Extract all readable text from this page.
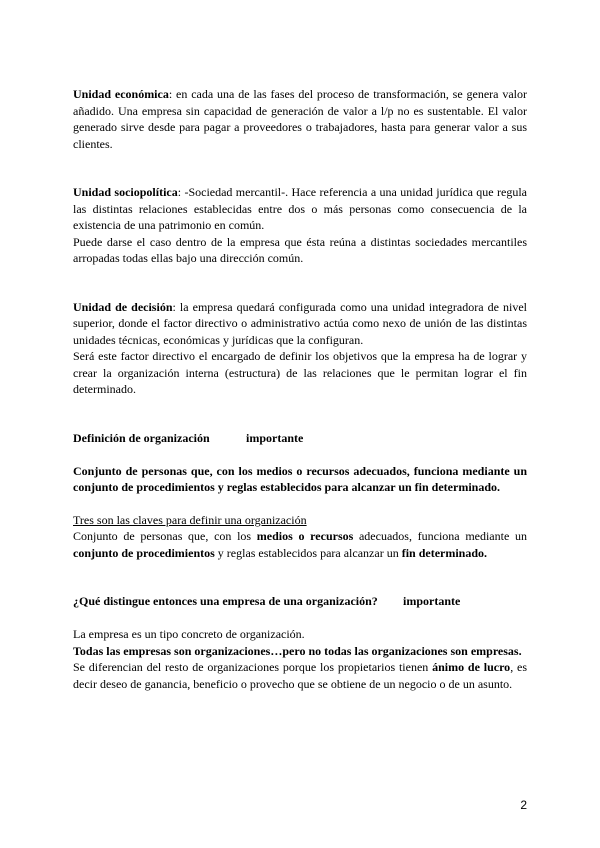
Unidad económica: en cada una de las fases del proceso de transformación, se genera valor añadido. Una empresa sin capacidad de generación de valor a l/p no es sustentable. El valor generado sirve desde para pagar a proveedores o trabajadores, hasta para generar valor a sus clientes.

Unidad sociopolítica: -Sociedad mercantil-. Hace referencia a una unidad jurídica que regula las distintas relaciones establecidas entre dos o más personas como consecuencia de la existencia de una patrimonio en común.

Puede darse el caso dentro de la empresa que ésta reúna a distintas sociedades mercantiles arropadas todas ellas bajo una dirección común.

Unidad de decisión: la empresa quedará configurada como una unidad integradora de nivel superior, donde el factor directivo o administrativo actúa como nexo de unión de las distintas unidades técnicas, económicas y jurídicas que la configuran.

Será este factor directivo el encargado de definir los objetivos que la empresa ha de lograr y crear la organización interna (estructura) de las relaciones que le permitan lograr el fin determinado.

Definición de organización	importante

Conjunto de personas que, con los medios o recursos adecuados, funciona mediante un conjunto de procedimientos y reglas establecidos para alcanzar un fin determinado.

Tres son las claves para definir una organización

Conjunto de personas que, con los medios o recursos adecuados, funciona mediante un conjunto de procedimientos y reglas establecidos para alcanzar un fin determinado.

¿Qué distingue entonces una empresa de una organización? importante

La empresa es un tipo concreto de organización.

Todas las empresas son organizaciones…pero no todas las organizaciones son empresas.

Se diferencian del resto de organizaciones porque los propietarios tienen ánimo de lucro, es decir deseo de ganancia, beneficio o provecho que se obtiene de un negocio o de un asunto.

2
